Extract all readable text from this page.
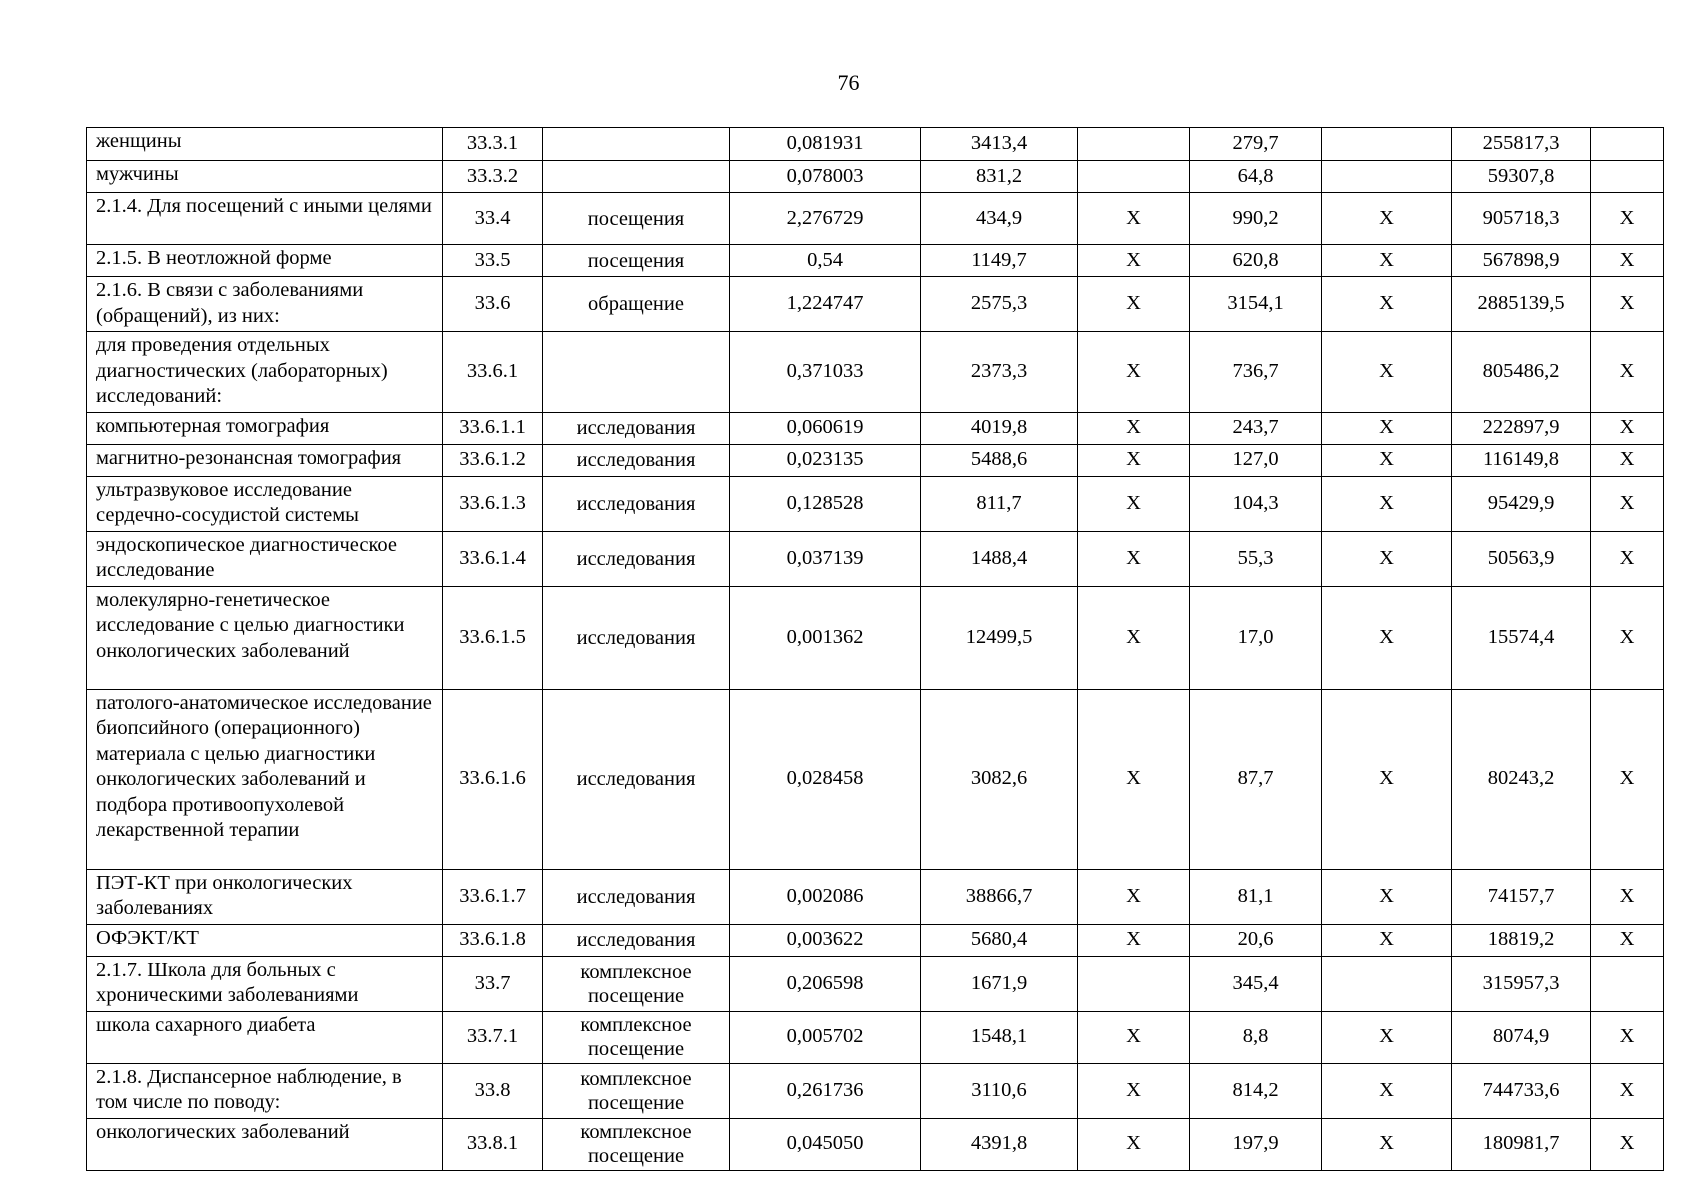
76
женщины	33.3.1		0,081931	3413,4		279,7		255817,3	
мужчины	33.3.2		0,078003	831,2		64,8		59307,8	
2.1.4. Для посещений с иными целями	33.4	посещения	2,276729	434,9	Х	990,2	Х	905718,3	Х
2.1.5. В неотложной форме	33.5	посещения	0,54	1149,7	Х	620,8	Х	567898,9	Х
2.1.6. В связи с заболеваниями (обращений), из них:	33.6	обращение	1,224747	2575,3	Х	3154,1	Х	2885139,5	Х
для проведения отдельных диагностических (лабораторных) исследований:	33.6.1		0,371033	2373,3	Х	736,7	Х	805486,2	Х
компьютерная томография	33.6.1.1	исследования	0,060619	4019,8	Х	243,7	Х	222897,9	Х
магнитно-резонансная томография	33.6.1.2	исследования	0,023135	5488,6	Х	127,0	Х	116149,8	Х
ультразвуковое исследование сердечно-сосудистой системы	33.6.1.3	исследования	0,128528	811,7	Х	104,3	Х	95429,9	Х
эндоскопическое диагностическое исследование	33.6.1.4	исследования	0,037139	1488,4	Х	55,3	Х	50563,9	Х
молекулярно-генетическое исследование с целью диагностики онкологических заболеваний	33.6.1.5	исследования	0,001362	12499,5	Х	17,0	Х	15574,4	Х
патолого-анатомическое исследование биопсийного (операционного) материала с целью диагностики онкологических заболеваний и подбора противоопухолевой лекарственной терапии	33.6.1.6	исследования	0,028458	3082,6	Х	87,7	Х	80243,2	Х
ПЭТ-КТ при онкологических заболеваниях	33.6.1.7	исследования	0,002086	38866,7	Х	81,1	Х	74157,7	Х
ОФЭКТ/КТ	33.6.1.8	исследования	0,003622	5680,4	Х	20,6	Х	18819,2	Х
2.1.7. Школа для больных с хроническими заболеваниями	33.7	комплексное посещение	0,206598	1671,9		345,4		315957,3	
школа сахарного диабета	33.7.1	комплексное посещение	0,005702	1548,1	Х	8,8	Х	8074,9	Х
2.1.8. Диспансерное наблюдение, в том числе по поводу:	33.8	комплексное посещение	0,261736	3110,6	Х	814,2	Х	744733,6	Х
онкологических заболеваний	33.8.1	комплексное посещение	0,045050	4391,8	Х	197,9	Х	180981,7	Х
